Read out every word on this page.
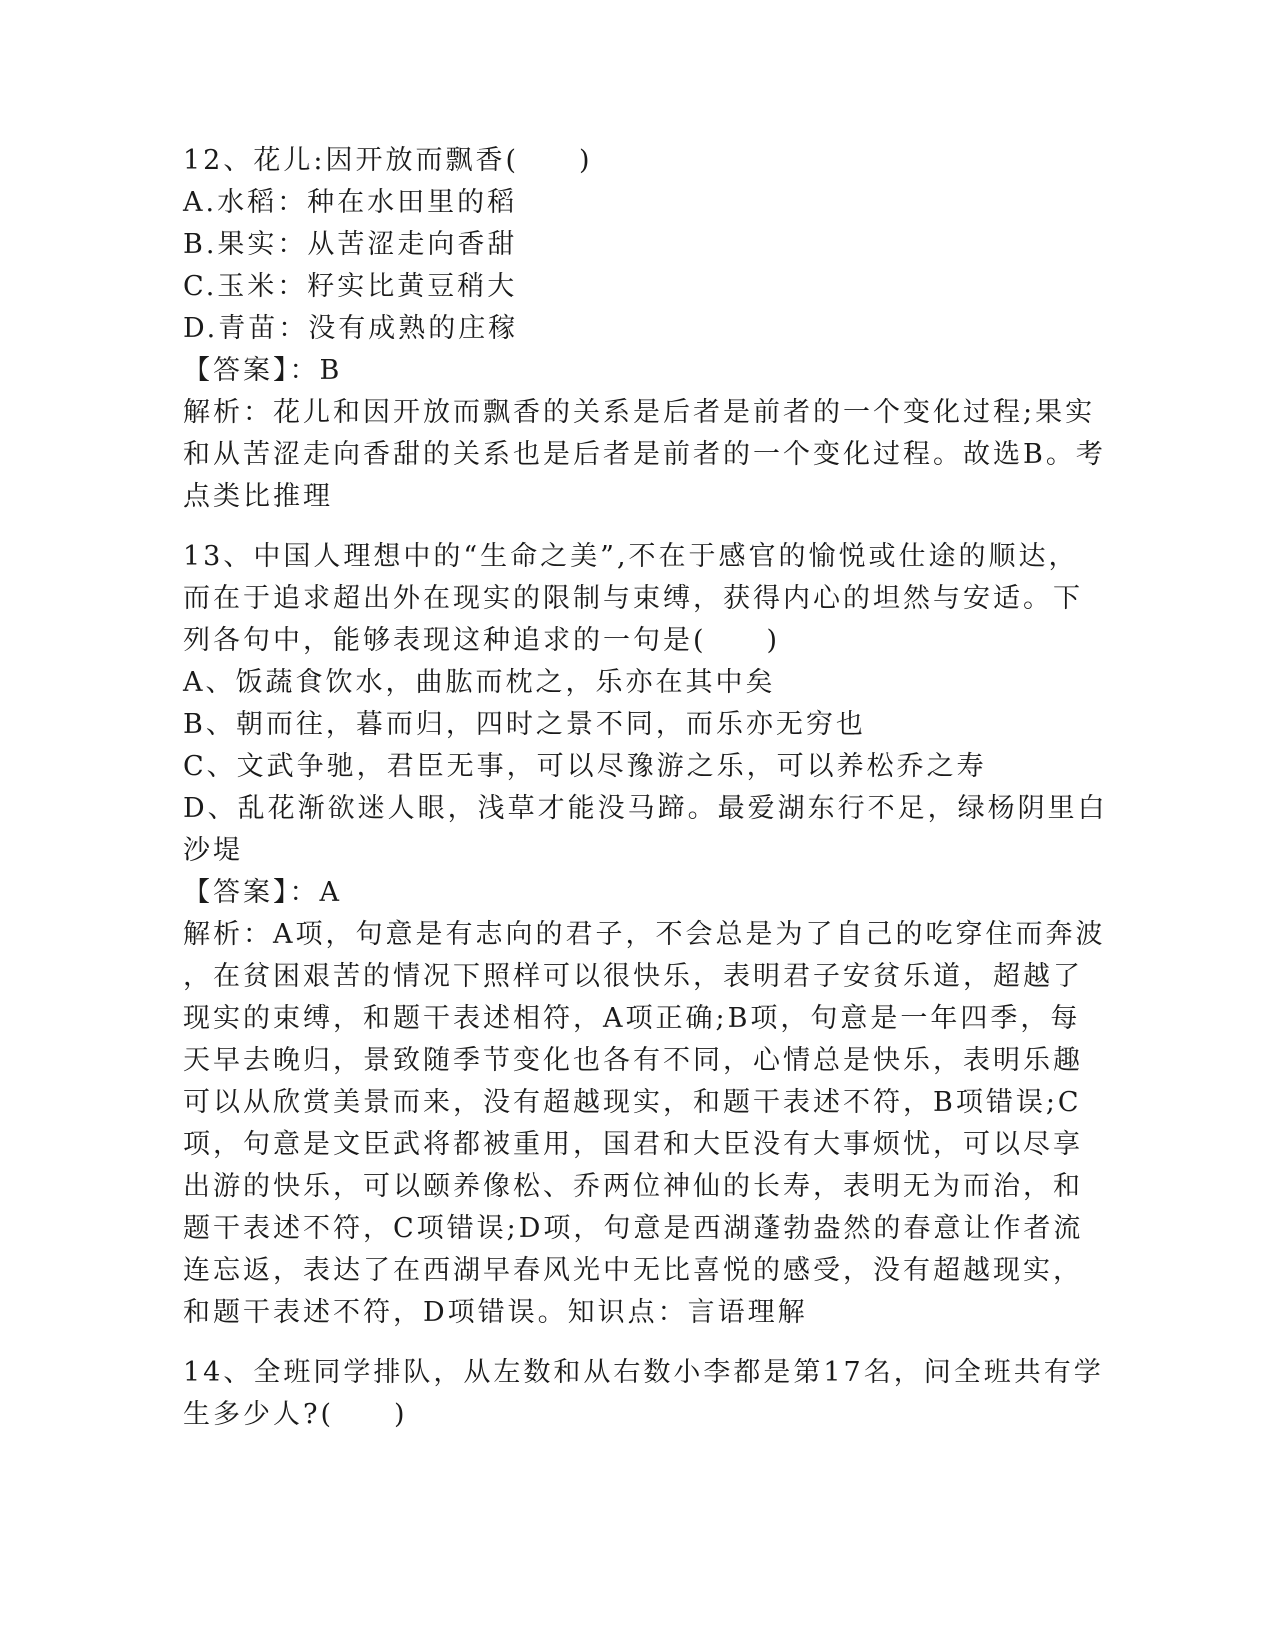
12、花儿:因开放而飘香(　　)
A.水稻：种在水田里的稻
B.果实：从苦涩走向香甜
C.玉米：籽实比黄豆稍大
D.青苗：没有成熟的庄稼
【答案】：B
解析：花儿和因开放而飘香的关系是后者是前者的一个变化过程;果实
和从苦涩走向香甜的关系也是后者是前者的一个变化过程。故选B。考
点类比推理
13、中国人理想中的“生命之美”,不在于感官的愉悦或仕途的顺达，
而在于追求超出外在现实的限制与束缚，获得内心的坦然与安适。下
列各句中，能够表现这种追求的一句是(　　)
A、饭蔬食饮水，曲肱而枕之，乐亦在其中矣
B、朝而往，暮而归，四时之景不同，而乐亦无穷也
C、文武争驰，君臣无事，可以尽豫游之乐，可以养松乔之寿
D、乱花渐欲迷人眼，浅草才能没马蹄。最爱湖东行不足，绿杨阴里白
沙堤
【答案】：A
解析：A项，句意是有志向的君子，不会总是为了自己的吃穿住而奔波
，在贫困艰苦的情况下照样可以很快乐，表明君子安贫乐道，超越了
现实的束缚，和题干表述相符，A项正确;B项，句意是一年四季，每
天早去晚归，景致随季节变化也各有不同，心情总是快乐，表明乐趣
可以从欣赏美景而来，没有超越现实，和题干表述不符，B项错误;C
项，句意是文臣武将都被重用，国君和大臣没有大事烦忧，可以尽享
出游的快乐，可以颐养像松、乔两位神仙的长寿，表明无为而治，和
题干表述不符，C项错误;D项，句意是西湖蓬勃盎然的春意让作者流
连忘返，表达了在西湖早春风光中无比喜悦的感受，没有超越现实，
和题干表述不符，D项错误。知识点：言语理解
14、全班同学排队，从左数和从右数小李都是第17名，问全班共有学
生多少人?(　　)
